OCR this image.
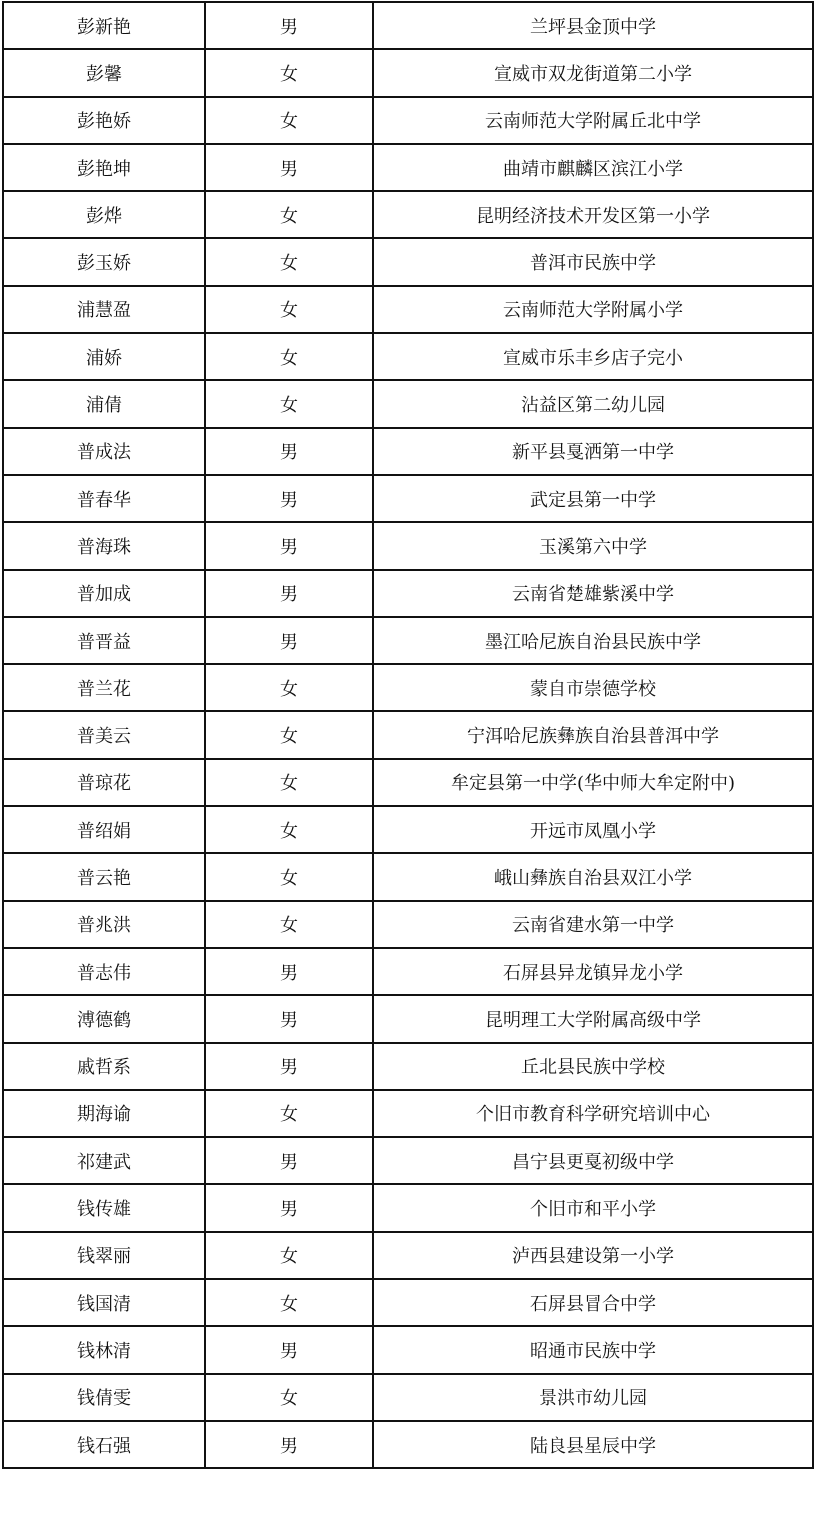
彭新艳	男	兰坪县金顶中学
彭馨	女	宣威市双龙街道第二小学
彭艳娇	女	云南师范大学附属丘北中学
彭艳坤	男	曲靖市麒麟区滨江小学
彭烨	女	昆明经济技术开发区第一小学
彭玉娇	女	普洱市民族中学
浦慧盈	女	云南师范大学附属小学
浦娇	女	宣威市乐丰乡店子完小
浦倩	女	沾益区第二幼儿园
普成法	男	新平县戛洒第一中学
普春华	男	武定县第一中学
普海珠	男	玉溪第六中学
普加成	男	云南省楚雄紫溪中学
普晋益	男	墨江哈尼族自治县民族中学
普兰花	女	蒙自市崇德学校
普美云	女	宁洱哈尼族彝族自治县普洱中学
普琼花	女	牟定县第一中学(华中师大牟定附中)
普绍娟	女	开远市凤凰小学
普云艳	女	峨山彝族自治县双江小学
普兆洪	女	云南省建水第一中学
普志伟	男	石屏县异龙镇异龙小学
溥德鹤	男	昆明理工大学附属高级中学
戚哲系	男	丘北县民族中学校
期海谕	女	个旧市教育科学研究培训中心
祁建武	男	昌宁县更戛初级中学
钱传雄	男	个旧市和平小学
钱翠丽	女	泸西县建设第一小学
钱国清	女	石屏县冒合中学
钱林清	男	昭通市民族中学
钱倩雯	女	景洪市幼儿园
钱石强	男	陆良县星辰中学
